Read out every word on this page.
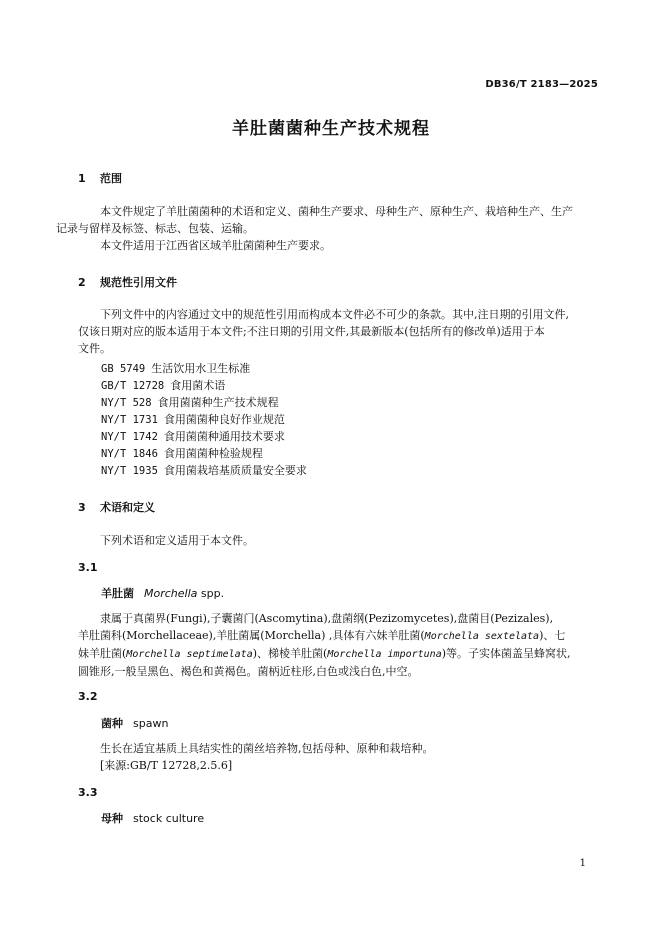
DB36/T 2183—2025
羊肚菌菌种生产技术规程
1 范围
本文件规定了羊肚菌菌种的术语和定义、菌种生产要求、母种生产、原种生产、栽培种生产、生产
记录与留样及标签、标志、包装、运输。
本文件适用于江西省区域羊肚菌菌种生产要求。
2 规范性引用文件
下列文件中的内容通过文中的规范性引用而构成本文件必不可少的条款。其中,注日期的引用文件,
仅该日期对应的版本适用于本文件;不注日期的引用文件,其最新版本(包括所有的修改单)适用于本
文件。
GB 5749 生活饮用水卫生标准
GB/T 12728 食用菌术语
NY/T 528 食用菌菌种生产技术规程
NY/T 1731 食用菌菌种良好作业规范
NY/T 1742 食用菌菌种通用技术要求
NY/T 1846 食用菌菌种检验规程
NY/T 1935 食用菌栽培基质质量安全要求
3 术语和定义
下列术语和定义适用于本文件。
3.1
羊肚菌 Morchella spp.
隶属于真菌界(Fungi),子囊菌门(Ascomytina),盘菌纲(Pezizomycetes),盘菌目(Pezizales),
羊肚菌科(Morchellaceae),羊肚菌属(Morchella) ,具体有六妹羊肚菌(Morchella sextelata)、七
妹羊肚菌(Morchella septimelata)、梯棱羊肚菌(Morchella importuna)等。子实体菌盖呈蜂窝状,
圆锥形,一般呈黑色、褐色和黄褐色。菌柄近柱形,白色或浅白色,中空。
3.2
菌种 spawn
生长在适宜基质上具结实性的菌丝培养物,包括母种、原种和栽培种。
[来源:GB/T 12728,2.5.6]
3.3
母种 stock culture
1
